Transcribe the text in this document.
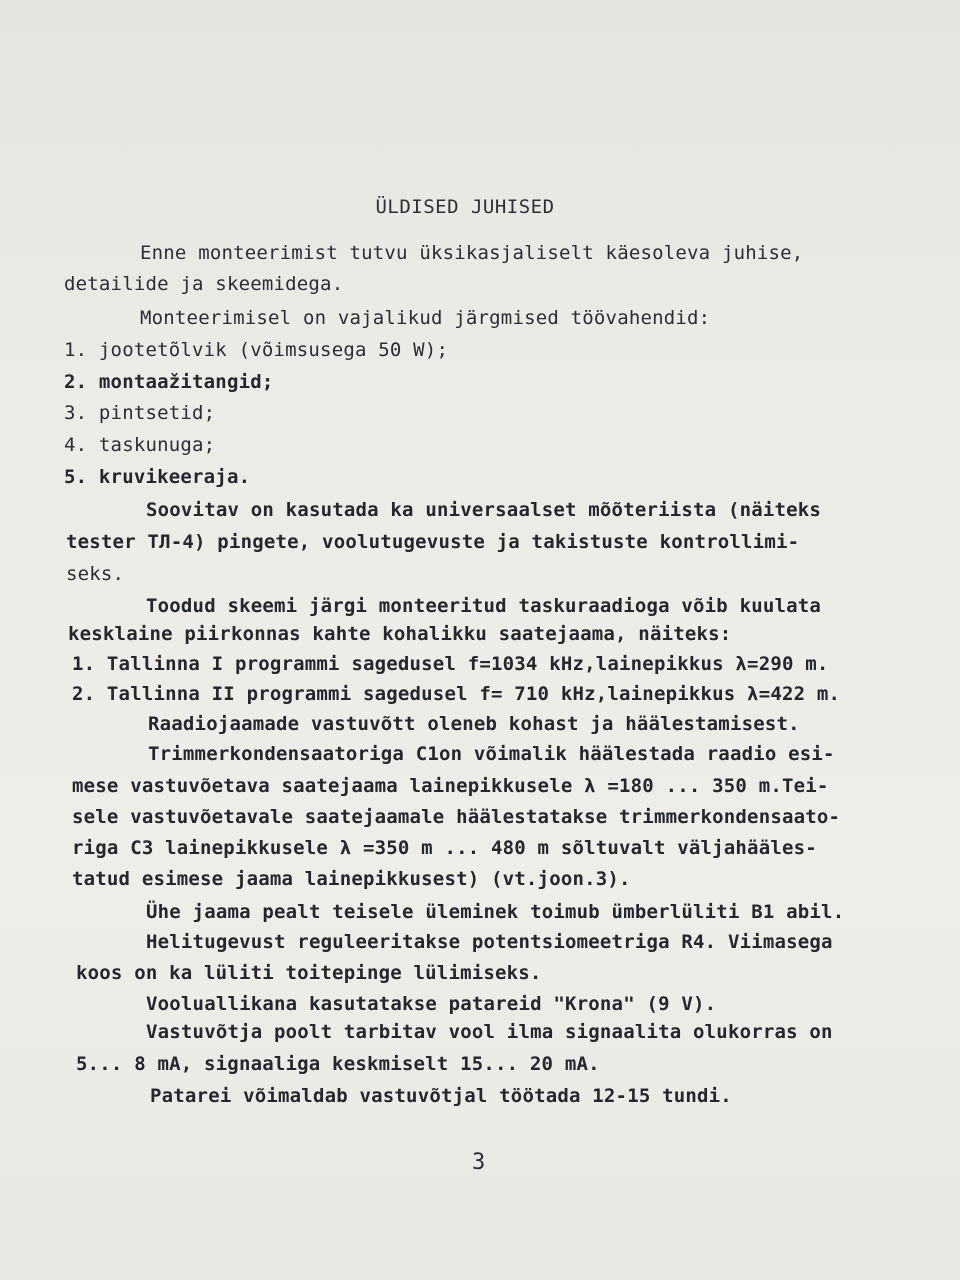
ÜLDISED JUHISED
Enne monteerimist tutvu üksikasjaliselt käesoleva juhise,
detailide ja skeemidega.
Monteerimisel on vajalikud järgmised töövahendid:
1. jootetõlvik (võimsusega 50 W);
2. montaažitangid;
3. pintsetid;
4. taskunuga;
5. kruvikeeraja.
Soovitav on kasutada ka universaalset mõõteriista (näiteks
tester ТЛ-4) pingete, voolutugevuste ja takistuste kontrollimi-
seks.
Toodud skeemi järgi monteeritud taskuraadioga võib kuulata
kesklaine piirkonnas kahte kohalikku saatejaama, näiteks:
1. Tallinna I programmi sagedusel f=1034 kHz,lainepikkus λ=290 m.
2. Tallinna II programmi sagedusel f= 710 kHz,lainepikkus λ=422 m.
Raadiojaamade vastuvõtt oleneb kohast ja häälestamisest.
Trimmerkondensaatoriga C1on võimalik häälestada raadio esi-
mese vastuvõetava saatejaama lainepikkusele λ =180 ... 350 m.Tei-
sele vastuvõetavale saatejaamale häälestatakse trimmerkondensaato-
riga C3 lainepikkusele λ =350 m ... 480 m sõltuvalt väljahääles-
tatud esimese jaama lainepikkusest) (vt.joon.3).
Ühe jaama pealt teisele üleminek toimub ümberlüliti B1 abil.
Helitugevust reguleeritakse potentsiomeetriga R4. Viimasega
koos on ka lüliti toitepinge lülimiseks.
Vooluallikana kasutatakse patareid "Krona" (9 V).
Vastuvõtja poolt tarbitav vool ilma signaalita olukorras on
5... 8 mA, signaaliga keskmiselt 15... 20 mA.
Patarei võimaldab vastuvõtjal töötada 12-15 tundi.
3
